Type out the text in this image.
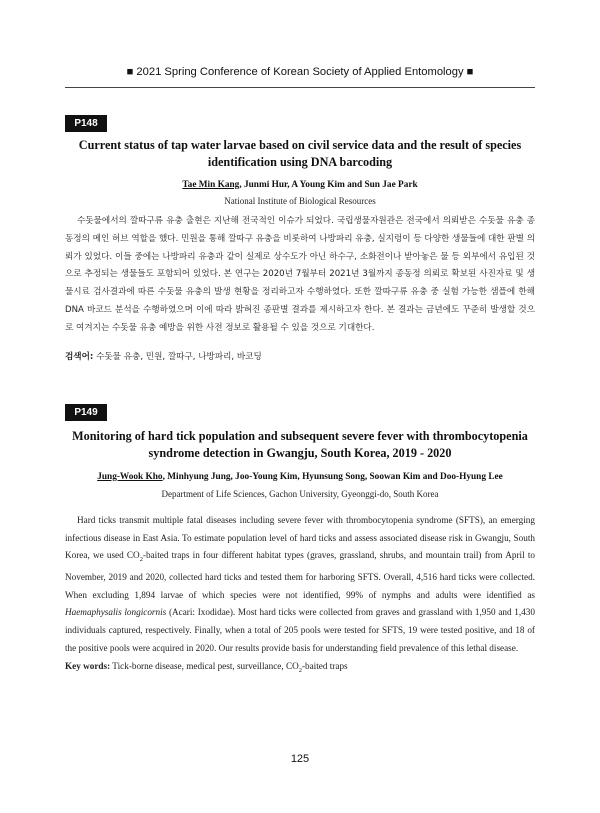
■ 2021 Spring Conference of Korean Society of Applied Entomology ■
P148
Current status of tap water larvae based on civil service data and the result of species
identification using DNA barcoding
Tae Min Kang, Junmi Hur, A Young Kim and Sun Jae Park
National Institute of Biological Resources
수돗물에서의 깔따구류 유충 출현은 지난해 전국적인 이슈가 되었다. 국립생물자원관은 전국에서 의뢰받은 수돗물 유충 종동정의 메인 허브 역할을 했다. 민원을 통해 깔따구 유충을 비롯하여 나방파리 유충, 실지렁이 등 다양한 생물들에 대한 판별 의뢰가 있었다. 이들 중에는 나방파리 유충과 같이 실제로 상수도가 아닌 하수구, 소화전이나 받아놓은 물 등 외부에서 유입된 것으로 추정되는 생물들도 포함되어 있었다. 본 연구는 2020년 7월부터 2021년 3월까지 종동정 의뢰로 확보된 사진자료 및 생물시료 검사결과에 따른 수돗물 유충의 발생 현황을 정리하고자 수행하였다. 또한 깔따구류 유충 중 실험 가능한 샘플에 한해 DNA 바코드 분석을 수행하였으며 이에 따라 밝혀진 종판별 결과를 제시하고자 한다. 본 결과는 금년에도 꾸준히 발생할 것으로 여겨지는 수돗물 유충 예방을 위한 사전 정보로 활용될 수 있을 것으로 기대한다.
검색어: 수돗물 유충, 민원, 깔따구, 나방파리, 바코딩
P149
Monitoring of hard tick population and subsequent severe fever with thrombocytopenia
syndrome detection in Gwangju, South Korea, 2019 - 2020
Jung-Wook Kho, Minhyung Jung, Joo-Young Kim, Hyunsung Song, Soowan Kim and Doo-Hyung Lee
Department of Life Sciences, Gachon University, Gyeonggi-do, South Korea
Hard ticks transmit multiple fatal diseases including severe fever with thrombocytopenia syndrome (SFTS), an emerging infectious disease in East Asia. To estimate population level of hard ticks and assess associated disease risk in Gwangju, South Korea, we used $CO_2$-baited traps in four different habitat types (graves, grassland, shrubs, and mountain trail) from April to November, 2019 and 2020, collected hard ticks and tested them for harboring SFTS. Overall, 4,516 hard ticks were collected. When excluding 1,894 larvae of which species were not identified, 99% of nymphs and adults were identified as Haemaphysalis longicornis (Acari: Ixodidae). Most hard ticks were collected from graves and grassland with 1,950 and 1,430 individuals captured, respectively. Finally, when a total of 205 pools were tested for SFTS, 19 were tested positive, and 18 of the positive pools were acquired in 2020. Our results provide basis for understanding field prevalence of this lethal disease.
Key words: Tick-borne disease, medical pest, surveillance, $CO_2$-baited traps
125
